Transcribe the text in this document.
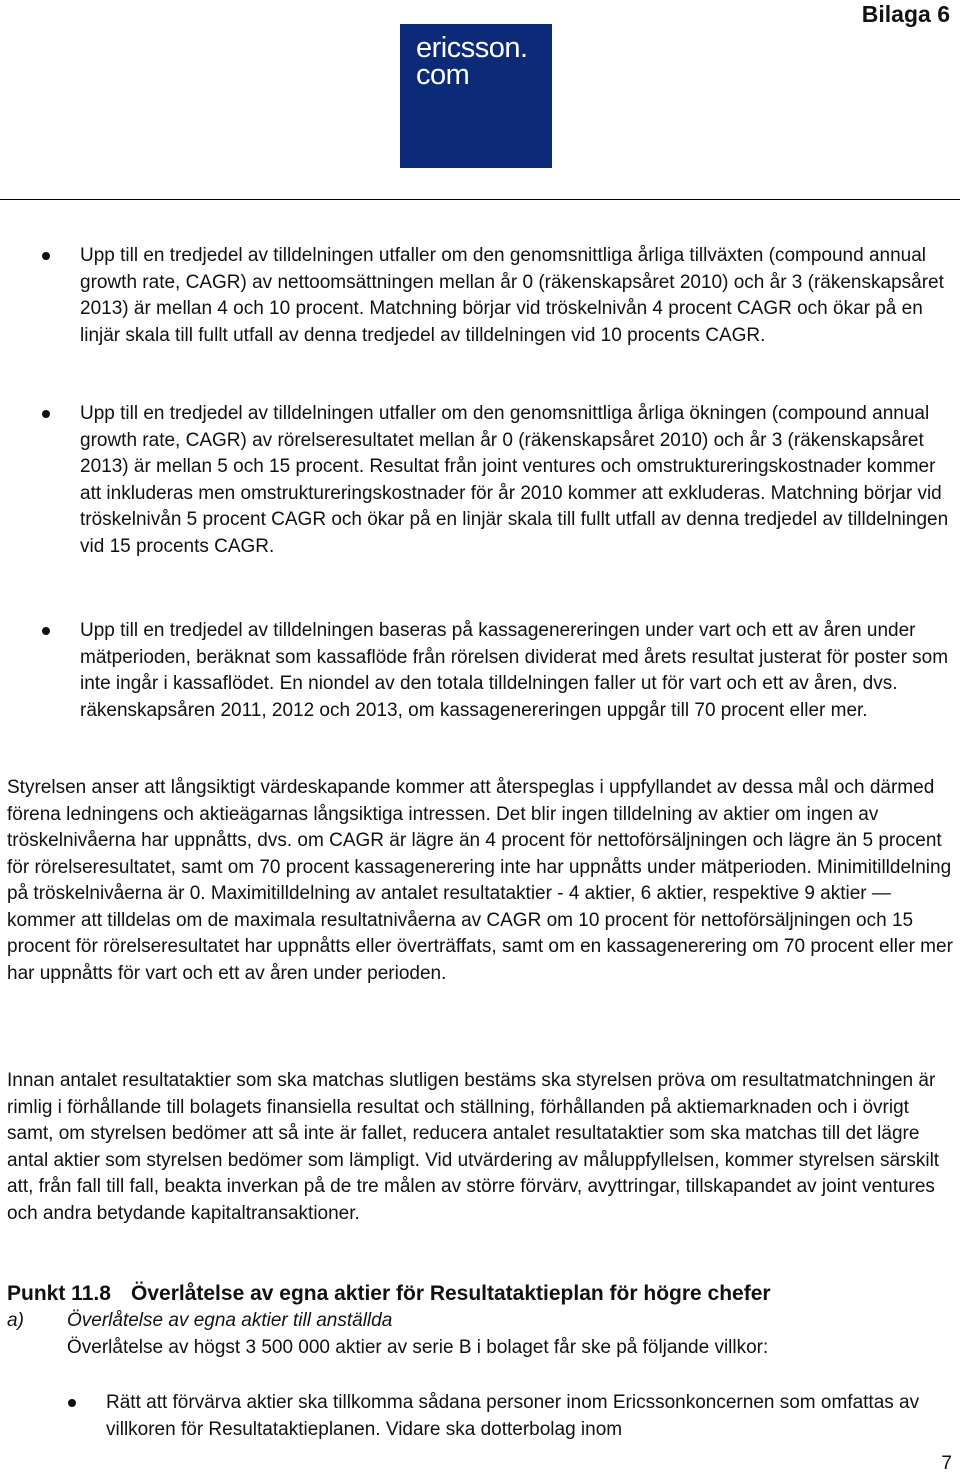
Bilaga 6
ericsson.
com
Upp till en tredjedel av tilldelningen utfaller om den genomsnittliga årliga tillväxten (compound annual growth rate, CAGR) av nettoomsättningen mellan år 0 (räkenskapsåret 2010) och år 3 (räkenskapsåret 2013) är mellan 4 och 10 procent. Matchning börjar vid tröskelnivån 4 procent CAGR och ökar på en linjär skala till fullt utfall av denna tredjedel av tilldelningen vid 10 procents CAGR.
Upp till en tredjedel av tilldelningen utfaller om den genomsnittliga årliga ökningen (compound annual growth rate, CAGR) av rörelseresultatet mellan år 0 (räkenskapsåret 2010) och år 3 (räkenskapsåret 2013) är mellan 5 och 15 procent. Resultat från joint ventures och omstruktureringskostnader kommer att inkluderas men omstruktureringskostnader för år 2010 kommer att exkluderas. Matchning börjar vid tröskelnivån 5 procent CAGR och ökar på en linjär skala till fullt utfall av denna tredjedel av tilldelningen vid 15 procents CAGR.
Upp till en tredjedel av tilldelningen baseras på kassagenereringen under vart och ett av åren under mätperioden, beräknat som kassaflöde från rörelsen dividerat med årets resultat justerat för poster som inte ingår i kassaflödet. En niondel av den totala tilldelningen faller ut för vart och ett av åren, dvs. räkenskapsåren 2011, 2012 och 2013, om kassagenereringen uppgår till 70 procent eller mer.

Styrelsen anser att långsiktigt värdeskapande kommer att återspeglas i uppfyllandet av dessa mål och därmed förena ledningens och aktieägarnas långsiktiga intressen. Det blir ingen tilldelning av aktier om ingen av tröskelnivåerna har uppnåtts, dvs. om CAGR är lägre än 4 procent för nettoförsäljningen och lägre än 5 procent för rörelseresultatet, samt om 70 procent kassagenerering inte har uppnåtts under mätperioden. Minimitilldelning på tröskelnivåerna är 0. Maximitilldelning av antalet resultataktier - 4 aktier, 6 aktier, respektive 9 aktier — kommer att tilldelas om de maximala resultatnivåerna av CAGR om 10 procent för nettoförsäljningen och 15 procent för rörelseresultatet har uppnåtts eller överträffats, samt om en kassagenerering om 70 procent eller mer har uppnåtts för vart och ett av åren under perioden.

Innan antalet resultataktier som ska matchas slutligen bestäms ska styrelsen pröva om resultatmatchningen är rimlig i förhållande till bolagets finansiella resultat och ställning, förhållanden på aktiemarknaden och i övrigt samt, om styrelsen bedömer att så inte är fallet, reducera antalet resultataktier som ska matchas till det lägre antal aktier som styrelsen bedömer som lämpligt. Vid utvärdering av måluppfyllelsen, kommer styrelsen särskilt att, från fall till fall, beakta inverkan på de tre målen av större förvärv, avyttringar, tillskapandet av joint ventures och andra betydande kapitaltransaktioner.

Punkt 11.8 Överlåtelse av egna aktier för Resultataktieplan för högre chefer
a) Överlåtelse av egna aktier till anställda
Överlåtelse av högst 3 500 000 aktier av serie B i bolaget får ske på följande villkor:
Rätt att förvärva aktier ska tillkomma sådana personer inom Ericssonkoncernen som omfattas av villkoren för Resultataktieplanen. Vidare ska dotterbolag inom
7
